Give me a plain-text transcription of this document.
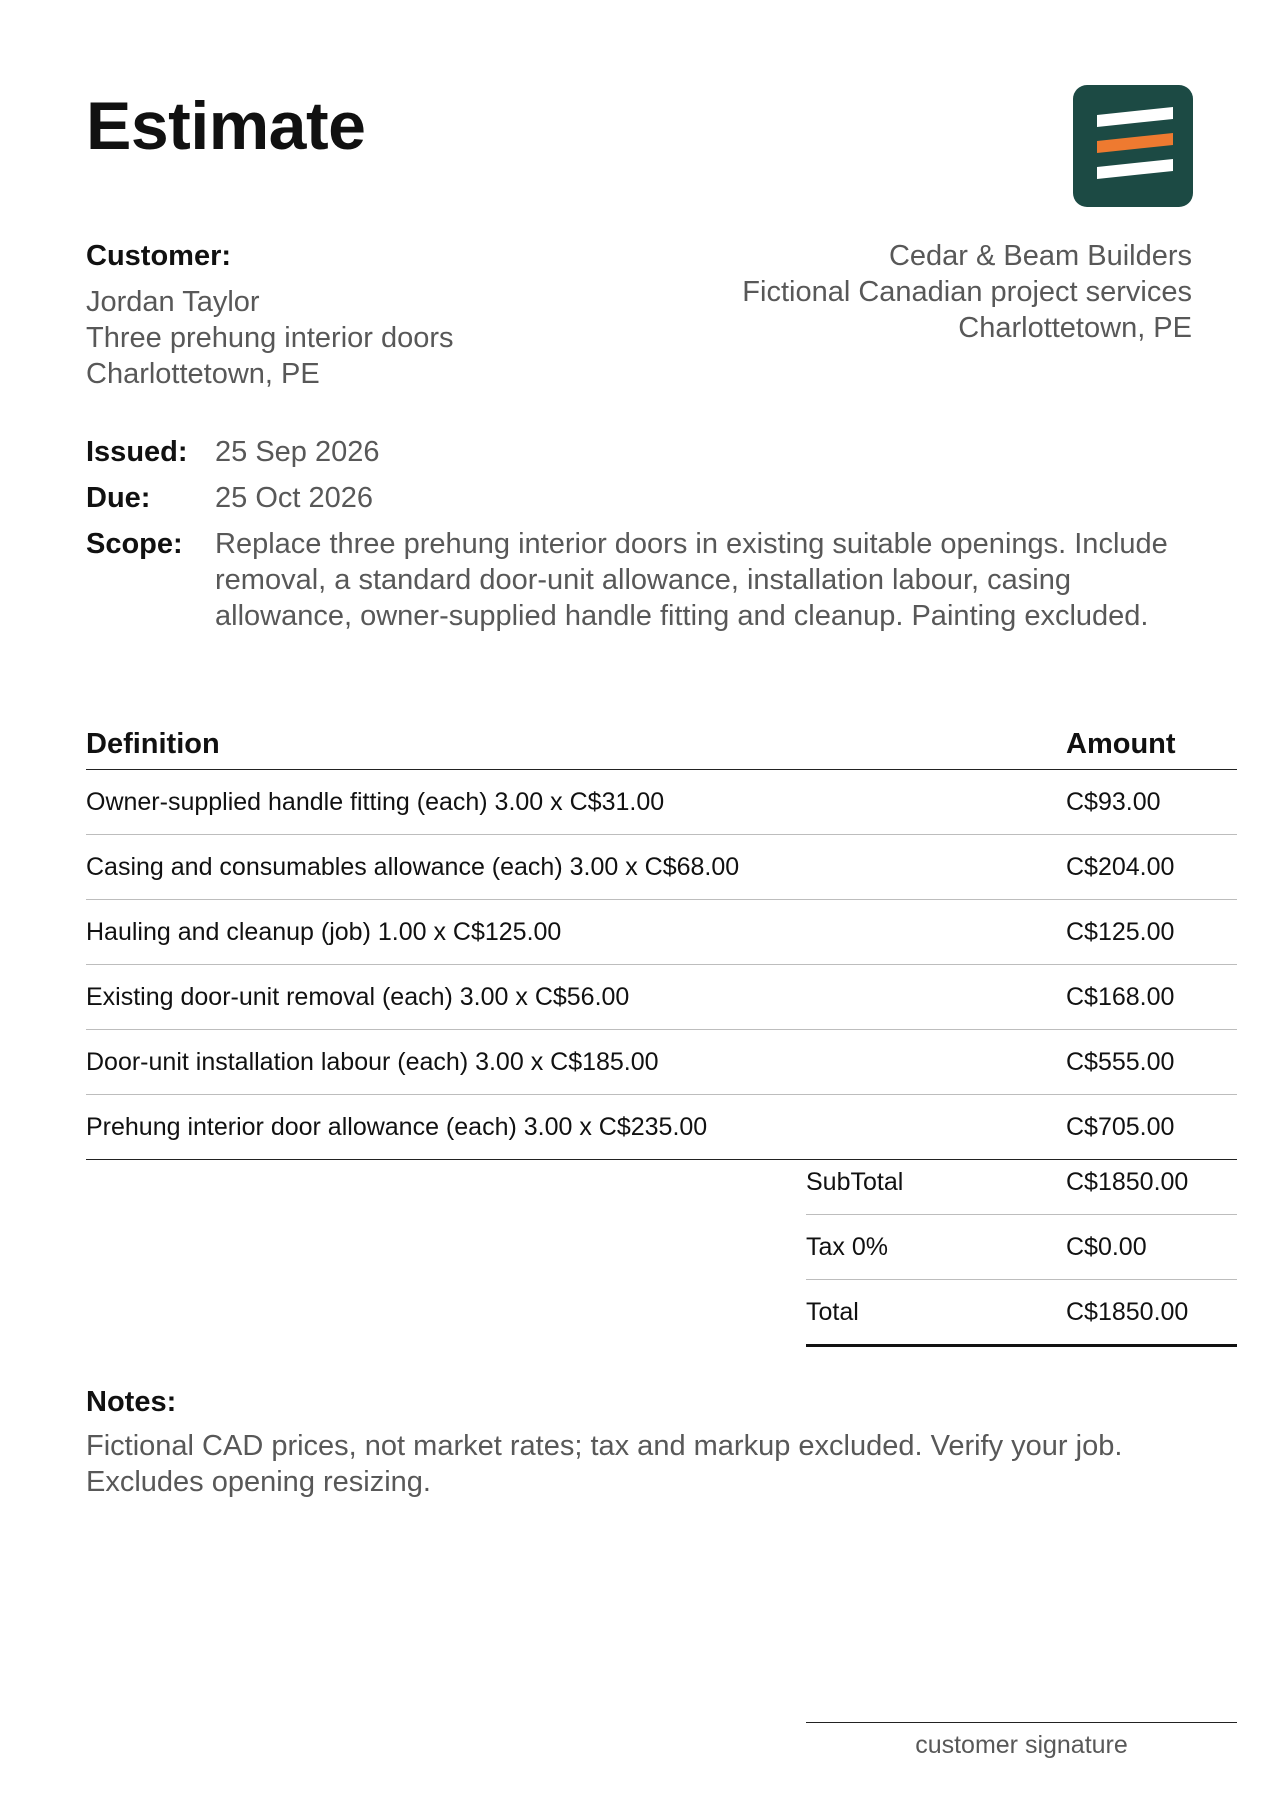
Estimate
Customer:
Jordan Taylor
Three prehung interior doors
Charlottetown, PE
Cedar & Beam Builders
Fictional Canadian project services
Charlottetown, PE
Issued: 25 Sep 2026
Due:	25 Oct 2026
Scope:	Replace three prehung interior doors in existing suitable openings. Include removal, a standard door-unit allowance, installation labour, casing allowance, owner-supplied handle fitting and cleanup. Painting excluded.
Definition	Amount
Owner-supplied handle fitting (each) 3.00 x C$31.00	C$93.00
Casing and consumables allowance (each) 3.00 x C$68.00	C$204.00
Hauling and cleanup (job) 1.00 x C$125.00	C$125.00
Existing door-unit removal (each) 3.00 x C$56.00	C$168.00
Door-unit installation labour (each) 3.00 x C$185.00	C$555.00
Prehung interior door allowance (each) 3.00 x C$235.00	C$705.00
SubTotal	C$1850.00
Tax 0%	C$0.00
Total	C$1850.00
Notes:
Fictional CAD prices, not market rates; tax and markup excluded. Verify your job. Excludes opening resizing.
customer signature
